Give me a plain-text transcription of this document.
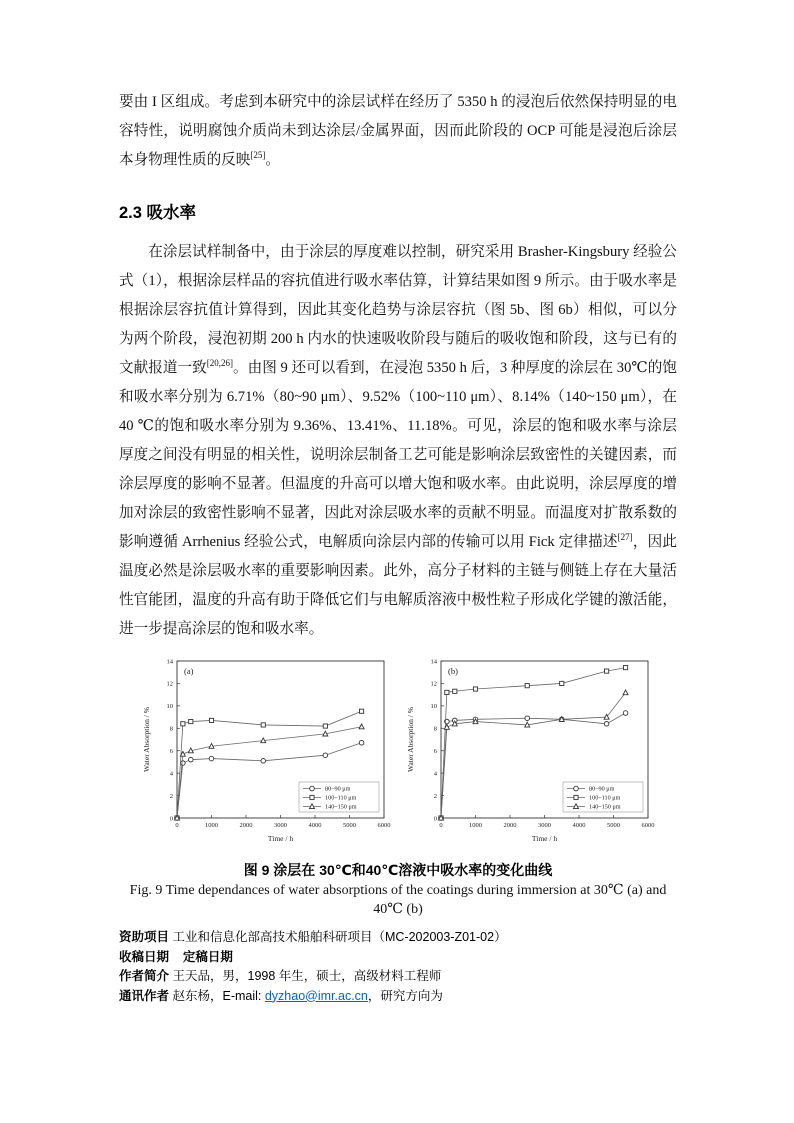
要由 I 区组成。考虑到本研究中的涂层试样在经历了 5350 h 的浸泡后依然保持明显的电容特性，说明腐蚀介质尚未到达涂层/金属界面，因而此阶段的 OCP 可能是浸泡后涂层本身物理性质的反映[25]。

2.3 吸水率

在涂层试样制备中，由于涂层的厚度难以控制，研究采用 Brasher-Kingsbury 经验公式（1），根据涂层样品的容抗值进行吸水率估算，计算结果如图 9 所示。由于吸水率是根据涂层容抗值计算得到，因此其变化趋势与涂层容抗（图 5b、图 6b）相似，可以分为两个阶段，浸泡初期 200 h 内水的快速吸收阶段与随后的吸收饱和阶段，这与已有的文献报道一致[20,26]。由图 9 还可以看到，在浸泡 5350 h 后，3 种厚度的涂层在 30℃的饱和吸水率分别为 6.71%（80~90 μm）、9.52%（100~110 μm）、8.14%（140~150 μm），在 40 ℃的饱和吸水率分别为 9.36%、13.41%、11.18%。可见，涂层的饱和吸水率与涂层厚度之间没有明显的相关性，说明涂层制备工艺可能是影响涂层致密性的关键因素，而涂层厚度的影响不显著。但温度的升高可以增大饱和吸水率。由此说明，涂层厚度的增加对涂层的致密性影响不显著，因此对涂层吸水率的贡献不明显。而温度对扩散系数的影响遵循 Arrhenius 经验公式，电解质向涂层内部的传输可以用 Fick 定律描述[27]，因此温度必然是涂层吸水率的重要影响因素。此外，高分子材料的主链与侧链上存在大量活性官能团，温度的升高有助于降低它们与电解质溶液中极性粒子形成化学键的激活能，进一步提高涂层的饱和吸水率。

0	1000	2000	3000	4000	5000	6000
0
2
4
6
8
10
12
14
Time / h
Water Absorption / %
(a)
80~90 μm
100~110 μm
140~150 μm
0	1000	2000	3000	4000	5000	6000
0
2
4
6
8
10
12
14
Time / h
Water Absorption / %
(b)
80~90 μm
100~110 μm
140~150 μm

图 9 涂层在 30℃和40℃溶液中吸水率的变化曲线

Fig. 9 Time dependances of water absorptions of the coatings during immersion at 30℃ (a) and

40℃ (b)

资助项目 工业和信息化部高技术船舶科研项目（MC-202003-Z01-02）

收稿日期 定稿日期

作者简介 王天品，男，1998 年生，硕士，高级材料工程师

通讯作者 赵东杨，E-mail: dyzhao@imr.ac.cn，研究方向为
